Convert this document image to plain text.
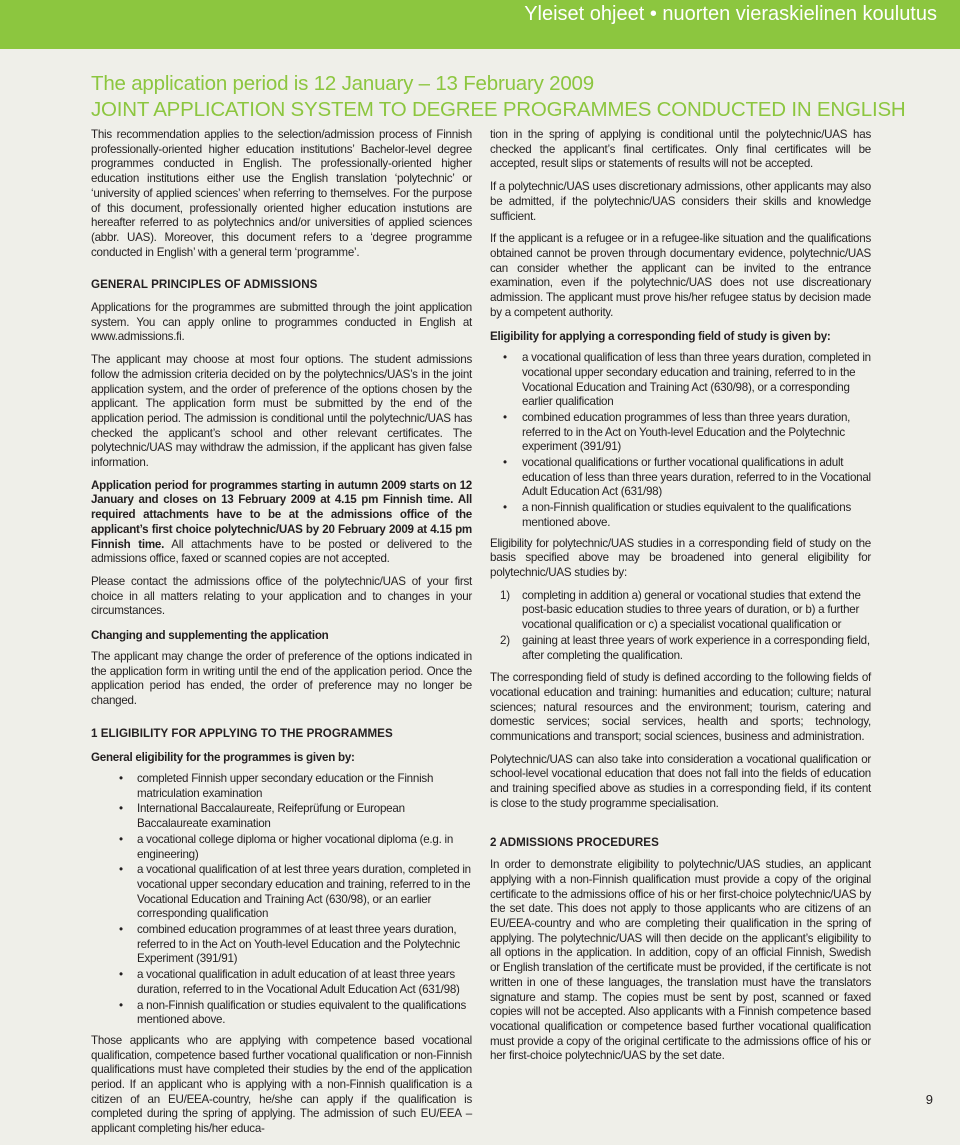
Yleiset ohjeet • nuorten vieraskielinen koulutus
The application period is 12 January – 13 February 2009
JOINT APPLICATION SYSTEM TO DEGREE PROGRAMMES CONDUCTED IN ENGLISH

This recommendation applies to the selection/admission process of Finnish professionally-oriented higher education institutions’ Bachelor-level degree programmes conducted in English. The professionally-oriented higher education institutions either use the English translation ‘polytechnic’ or ‘university of applied sciences’ when referring to themselves. For the purpose of this document, professionally oriented higher education instutions are hereafter referred to as polytechnics and/or universities of applied sciences (abbr. UAS). Moreover, this document refers to a ‘degree programme conducted in English’ with a general term ‘programme’.

GENERAL PRINCIPLES OF ADMISSIONS

Applications for the programmes are submitted through the joint application system. You can apply online to programmes conducted in English at www.admissions.fi.

The applicant may choose at most four options. The student admissions follow the admission criteria decided on by the polytechnics/UAS’s in the joint application system, and the order of preference of the options chosen by the applicant. The application form must be submitted by the end of the application period. The admission is conditional until the polytechnic/UAS has checked the applicant’s school and other relevant certificates. The polytechnic/UAS may withdraw the admission, if the applicant has given false information.

Application period for programmes starting in autumn 2009 starts on 12 January and closes on 13 February 2009 at 4.15 pm Finnish time. All required attachments have to be at the admissions office of the applicant’s first choice polytechnic/UAS by 20 February 2009 at 4.15 pm Finnish time. All attachments have to be posted or delivered to the admissions office, faxed or scanned copies are not accepted.

Please contact the admissions office of the polytechnic/UAS of your first choice in all matters relating to your application and to changes in your circumstances.

Changing and supplementing the application

The applicant may change the order of preference of the options indicated in the application form in writing until the end of the application period. Once the application period has ended, the order of preference may no longer be changed.

1 ELIGIBILITY FOR APPLYING TO THE PROGRAMMES
General eligibility for the programmes is given by:
• completed Finnish upper secondary education or the Finnish matriculation examination
• International Baccalaureate, Reifeprüfung or European Baccalaureate examination
• a vocational college diploma or higher vocational diploma (e.g. in engineering)
• a vocational qualification of at lest three years duration, completed in vocational upper secondary education and training, referred to in the Vocational Education and Training Act (630/98), or an earlier corresponding qualification
• combined education programmes of at least three years duration, referred to in the Act on Youth-level Education and the Polytechnic Experiment (391/91)
• a vocational qualification in adult education of at least three years duration, referred to in the Vocational Adult Education Act (631/98)
• a non-Finnish qualification or studies equivalent to the qualifications mentioned above.

Those applicants who are applying with competence based vocational qualification, competence based further vocational qualification or non-Finnish qualifications must have completed their studies by the end of the application period. If an applicant who is applying with a non-Finnish qualification is a citizen of an EU/EEA-country, he/she can apply if the qualification is completed during the spring of applying. The admission of such EU/EEA –applicant completing his/her educa-

tion in the spring of applying is conditional until the polytechnic/UAS has checked the applicant’s final certificates. Only final certificates will be accepted, result slips or statements of results will not be accepted.

If a polytechnic/UAS uses discretionary admissions, other applicants may also be admitted, if the polytechnic/UAS considers their skills and knowledge sufficient.

If the applicant is a refugee or in a refugee-like situation and the qualifications obtained cannot be proven through documentary evidence, polytechnic/UAS can consider whether the applicant can be invited to the entrance examination, even if the polytechnic/UAS does not use discreationary admission. The applicant must prove his/her refugee status by decision made by a competent authority.

Eligibility for applying a corresponding field of study is given by:
• a vocational qualification of less than three years duration, completed in vocational upper secondary education and training, referred to in the Vocational Education and Training Act (630/98), or a corresponding earlier qualification
• combined education programmes of less than three years duration, referred to in the Act on Youth-level Education and the Polytechnic experiment (391/91)
• vocational qualifications or further vocational qualifications in adult education of less than three years duration, referred to in the Vocational Adult Education Act (631/98)
• a non-Finnish qualification or studies equivalent to the qualifications mentioned above.

Eligibility for polytechnic/UAS studies in a corresponding field of study on the basis specified above may be broadened into general eligibility for polytechnic/UAS studies by:

1) completing in addition a) general or vocational studies that extend the post-basic education studies to three years of duration, or b) a further vocational qualification or c) a specialist vocational qualification or
2) gaining at least three years of work experience in a corresponding field, after completing the qualification.

The corresponding field of study is defined according to the following fields of vocational education and training: humanities and education; culture; natural sciences; natural resources and the environment; tourism, catering and domestic services; social services, health and sports; technology, communications and transport; social sciences, business and administration.

Polytechnic/UAS can also take into consideration a vocational qualification or school-level vocational education that does not fall into the fields of education and training specified above as studies in a corresponding field, if its content is close to the study programme specialisation.

2 ADMISSIONS PROCEDURES

In order to demonstrate eligibility to polytechnic/UAS studies, an applicant applying with a non-Finnish qualification must provide a copy of the original certificate to the admissions office of his or her first-choice polytechnic/UAS by the set date. This does not apply to those applicants who are citizens of an EU/EEA-country and who are completing their qualification in the spring of applying. The polytechnic/UAS will then decide on the applicant’s eligibility to all options in the application. In addition, copy of an official Finnish, Swedish or English translation of the certificate must be provided, if the certificate is not written in one of these languages, the translation must have the translators signature and stamp. The copies must be sent by post, scanned or faxed copies will not be accepted. Also applicants with a Finnish competence based vocational qualification or competence based further vocational qualification must provide a copy of the original certificate to the admissions office of his or her first-choice polytechnic/UAS by the set date.

9
